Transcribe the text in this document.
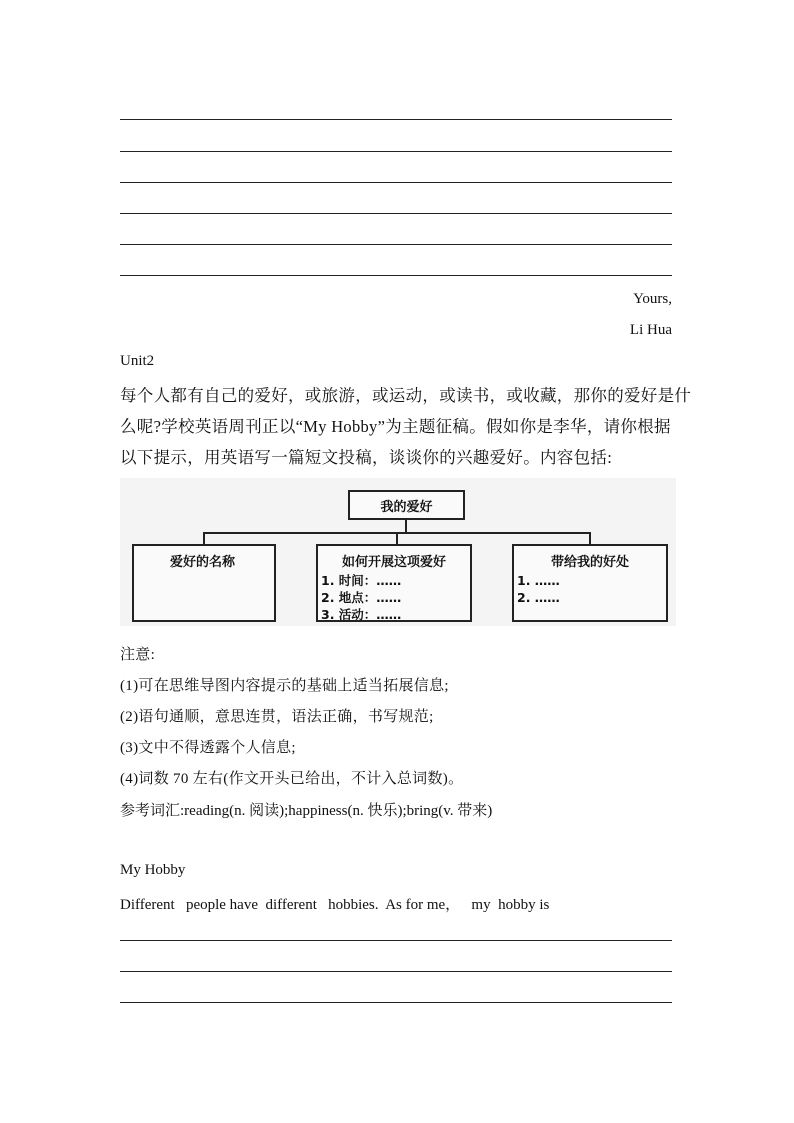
Yours,
Li Hua
Unit2
每个人都有自己的爱好，或旅游，或运动，或读书，或收藏，那你的爱好是什
么呢?学校英语周刊正以“My Hobby”为主题征稿。假如你是李华，请你根据
以下提示，用英语写一篇短文投稿，谈谈你的兴趣爱好。内容包括:
我的爱好
爱好的名称	如何开展这项爱好
1. 时间：……
2. 地点：……
3. 活动：……
带给我的好处
1. ……
2. ……
注意:
(1)可在思维导图内容提示的基础上适当拓展信息;
(2)语句通顺，意思连贯，语法正确，书写规范;
(3)文中不得透露个人信息;
(4)词数 70 左右(作文开头已给出，不计入总词数)。
参考词汇:reading(n. 阅读);happiness(n. 快乐);bring(v. 带来)
My Hobby
Different   people have  different   hobbies.  As for me，   my  hobby is
